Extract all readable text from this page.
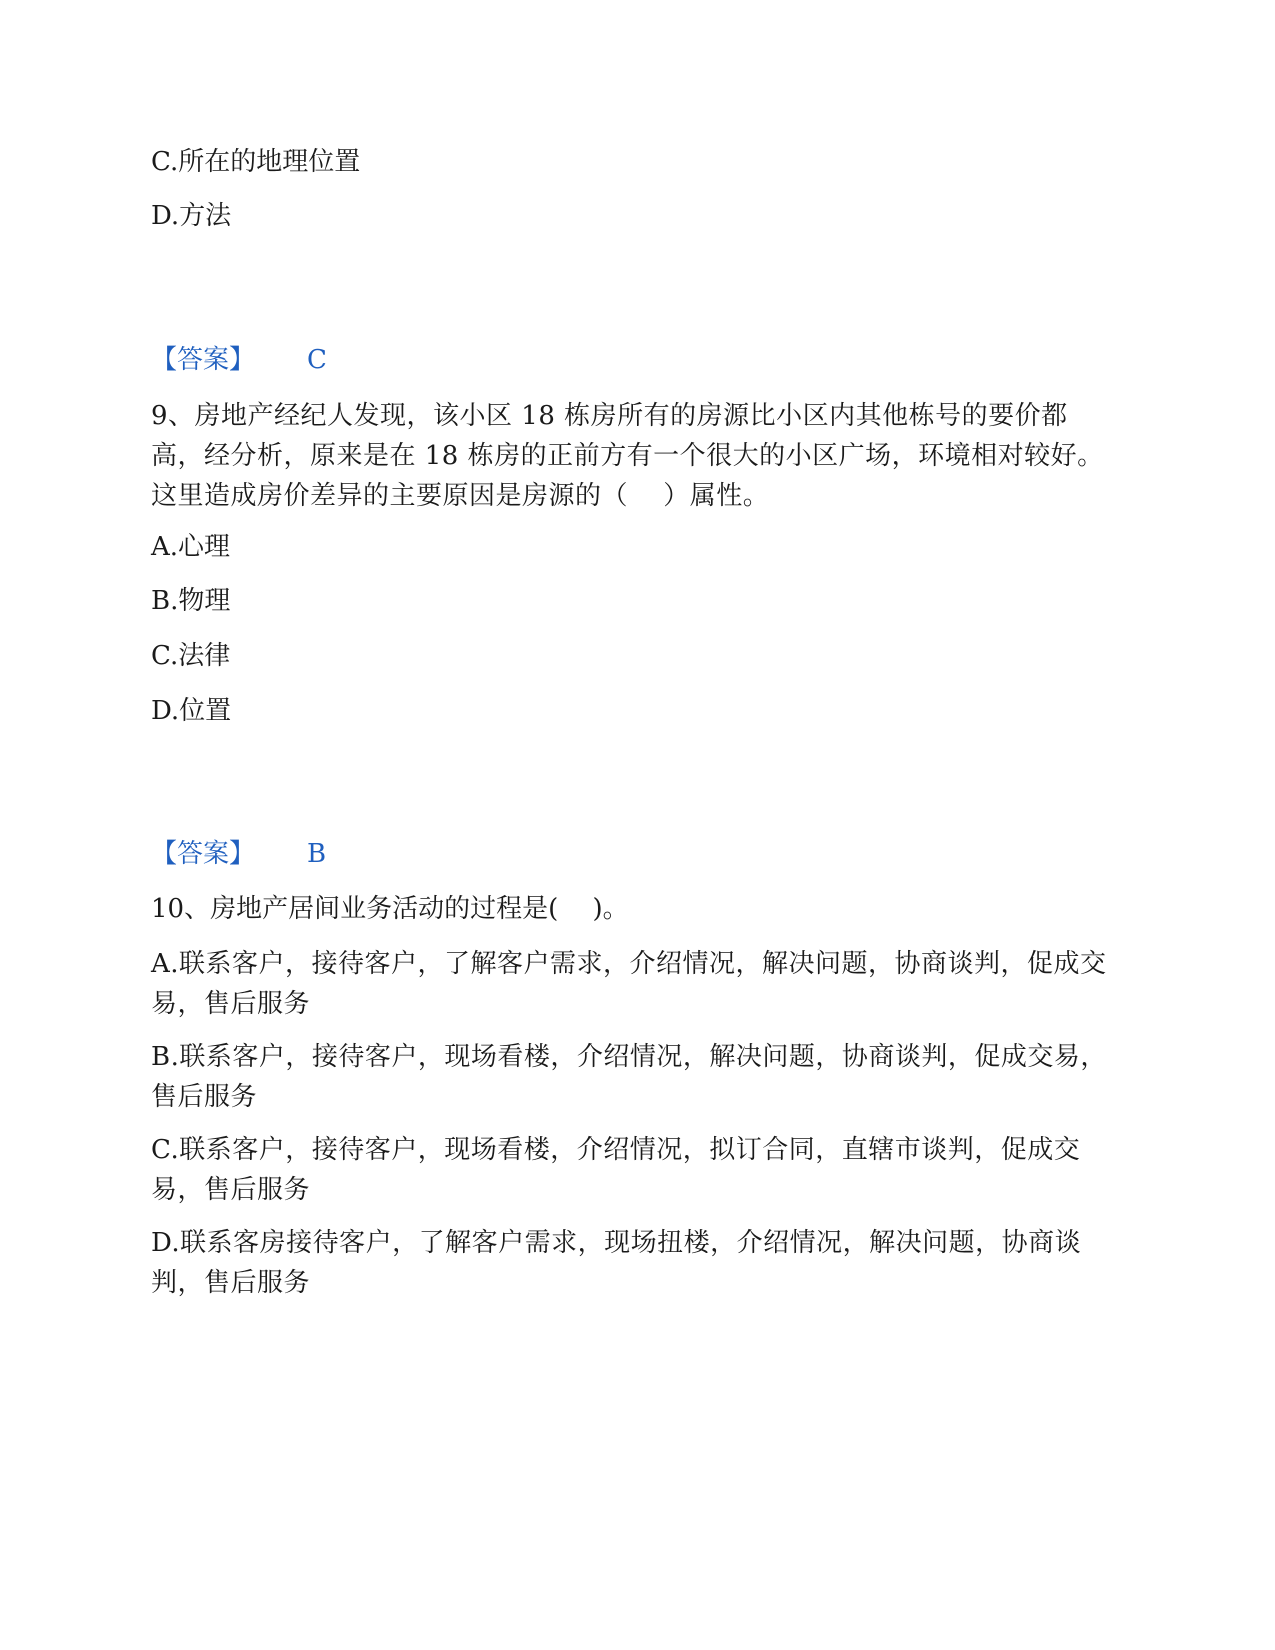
C.所在的地理位置
D.方法
【答案】 C
9、房地产经纪人发现，该小区 18 栋房所有的房源比小区内其他栋号的要价都高，经分析，原来是在 18 栋房的正前方有一个很大的小区广场，环境相对较好。这里造成房价差异的主要原因是房源的（　 ）属性。
A.心理
B.物理
C.法律
D.位置
【答案】 B
10、房地产居间业务活动的过程是(　 )。
A.联系客户，接待客户，了解客户需求，介绍情况，解决问题，协商谈判，促成交易，售后服务
B.联系客户，接待客户，现场看楼，介绍情况，解决问题，协商谈判，促成交易，售后服务
C.联系客户，接待客户，现场看楼，介绍情况，拟订合同，直辖市谈判，促成交易，售后服务
D.联系客房接待客户，了解客户需求，现场扭楼，介绍情况，解决问题，协商谈判，售后服务
